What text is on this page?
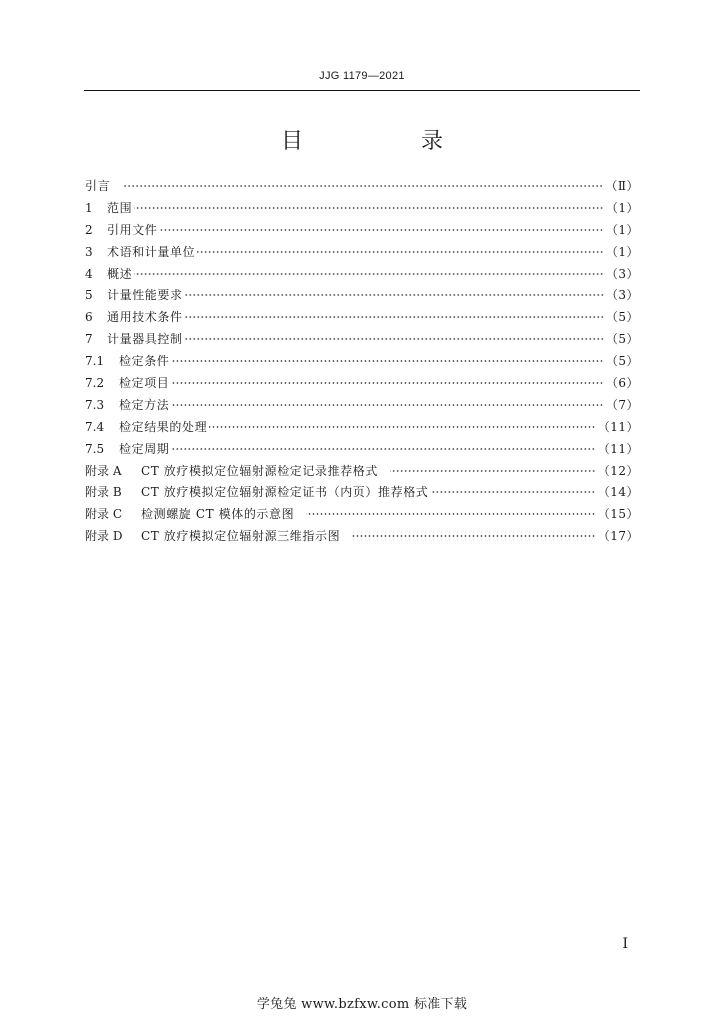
JJG 1179—2021
目　录
引言	（Ⅱ）
1	范围	（1）
2	引用文件	（1）
3	术语和计量单位	（1）
4	概述	（3）
5	计量性能要求	（3）
6	通用技术条件	（5）
7	计量器具控制	（5）
7.1	检定条件	（5）
7.2	检定项目	（6）
7.3	检定方法	（7）
7.4	检定结果的处理	（11）
7.5	检定周期	（11）
附录 A	CT 放疗模拟定位辐射源检定记录推荐格式	（12）
附录 B	CT 放疗模拟定位辐射源检定证书（内页）推荐格式	（14）
附录 C	检测螺旋 CT 模体的示意图	（15）
附录 D	CT 放疗模拟定位辐射源三维指示图	（17）
Ⅰ
学兔兔 www.bzfxw.com 标准下载
